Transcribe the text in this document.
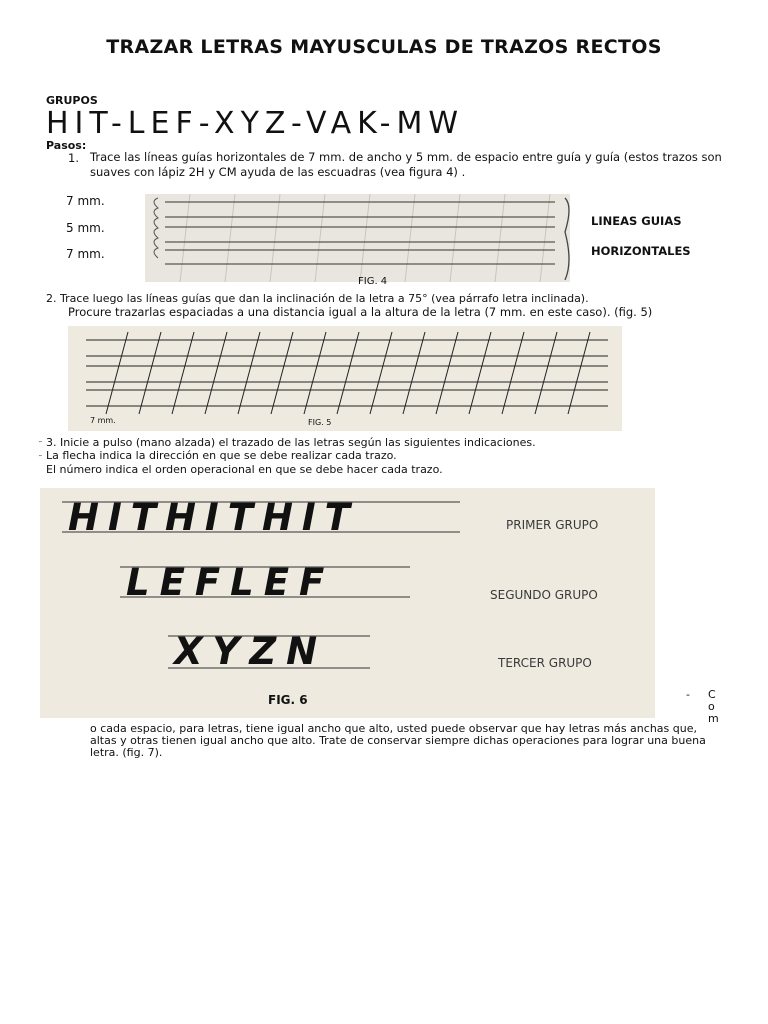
TRAZAR LETRAS MAYUSCULAS DE TRAZOS RECTOS
GRUPOS
HIT-LEF-XYZ-VAK-MW
Pasos:
1. Trace las líneas guías horizontales de 7 mm. de ancho y 5 mm. de espacio entre guía y guía (estos trazos son suaves con lápiz 2H y CM ayuda de las escuadras (vea figura 4) .
7 mm.
5 mm.
7 mm.
LINEAS GUIAS
HORIZONTALES
FIG. 4
2. Trace luego las líneas guías que dan la inclinación de la letra a 75° (vea párrafo letra inclinada).
Procure trazarlas espaciadas a una distancia igual a la altura de la letra (7 mm. en este caso). (fig. 5)
7 mm.	FIG. 5
3. Inicie a pulso (mano alzada) el trazado de las letras según las siguientes indicaciones.
˜
La flecha indica la dirección en que se debe realizar cada trazo.
˜
El número indica el orden operacional en que se debe hacer cada trazo.
HITHITHIT
LEFLEF
XYZN
PRIMER GRUPO
SEGUNDO GRUPO
TERCER GRUPO
FIG. 6	- C
o
m
o cada espacio, para letras, tiene igual ancho que alto, usted puede observar que hay letras más anchas que, altas y otras tienen igual ancho que alto. Trate de conservar siempre dichas operaciones para lograr una buena letra. (fig. 7).
